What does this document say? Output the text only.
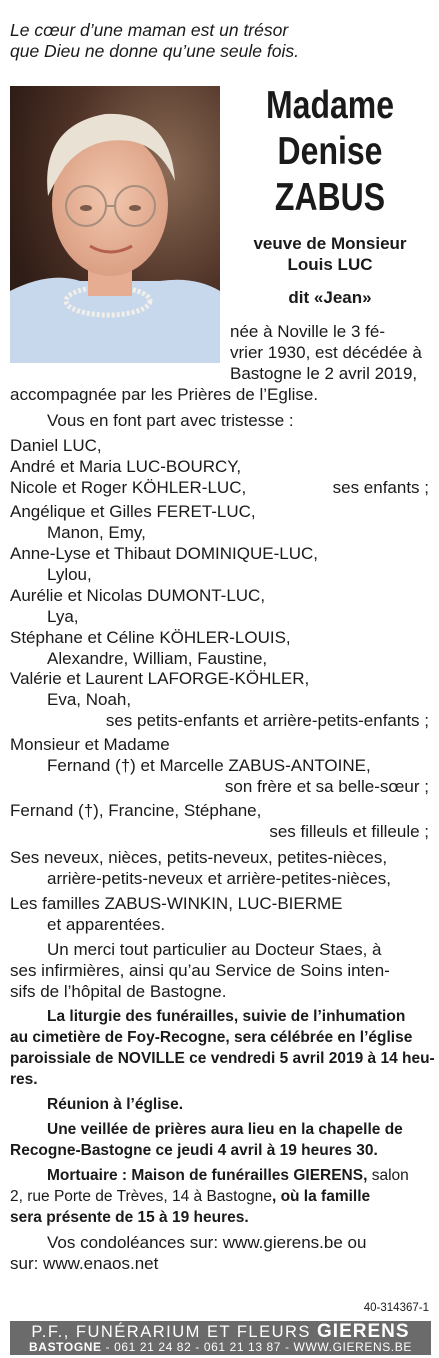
Le cœur d’une maman est un trésor
que Dieu ne donne qu’une seule fois.
Madame
Denise
ZABUS
veuve de Monsieur
Louis LUC
dit «Jean»
née à Noville le 3 fé-
vrier 1930, est décédée à
Bastogne le 2 avril 2019,
accompagnée par les Prières de l’Eglise.
Vous en font part avec tristesse :
Daniel LUC,
André et Maria LUC-BOURCY,
Nicole et Roger KÖHLER-LUC,	ses enfants ;
Angélique et Gilles FERET-LUC,
Manon, Emy,
Anne-Lyse et Thibaut DOMINIQUE-LUC,
Lylou,
Aurélie et Nicolas DUMONT-LUC,
Lya,
Stéphane et Céline KÖHLER-LOUIS,
Alexandre, William, Faustine,
Valérie et Laurent LAFORGE-KÖHLER,
Eva, Noah,
ses petits-enfants et arrière-petits-enfants ;
Monsieur et Madame
Fernand (†) et Marcelle ZABUS-ANTOINE,
son frère et sa belle-sœur ;
Fernand (†), Francine, Stéphane,
ses filleuls et filleule ;
Ses neveux, nièces, petits-neveux, petites-nièces,
arrière-petits-neveux et arrière-petites-nièces,
Les familles ZABUS-WINKIN, LUC-BIERME
et apparentées.
Un merci tout particulier au Docteur Staes, à
ses infirmières, ainsi qu’au Service de Soins inten-
sifs de l’hôpital de Bastogne.
La liturgie des funérailles, suivie de l’inhumation
au cimetière de Foy-Recogne, sera célébrée en l’église
paroissiale de NOVILLE ce vendredi 5 avril 2019 à 14 heu-
res.
Réunion à l’église.
Une veillée de prières aura lieu en la chapelle de
Recogne-Bastogne ce jeudi 4 avril à 19 heures 30.
Mortuaire : Maison de funérailles GIERENS, salon
2, rue Porte de Trèves, 14 à Bastogne, où la famille
sera présente de 15 à 19 heures.
Vos condoléances sur: www.gierens.be ou
sur: www.enaos.net
40-314367-1
P.F., FUNÉRARIUM ET FLEURS GIERENS
BASTOGNE - 061 21 24 82 - 061 21 13 87 - WWW.GIERENS.BE
